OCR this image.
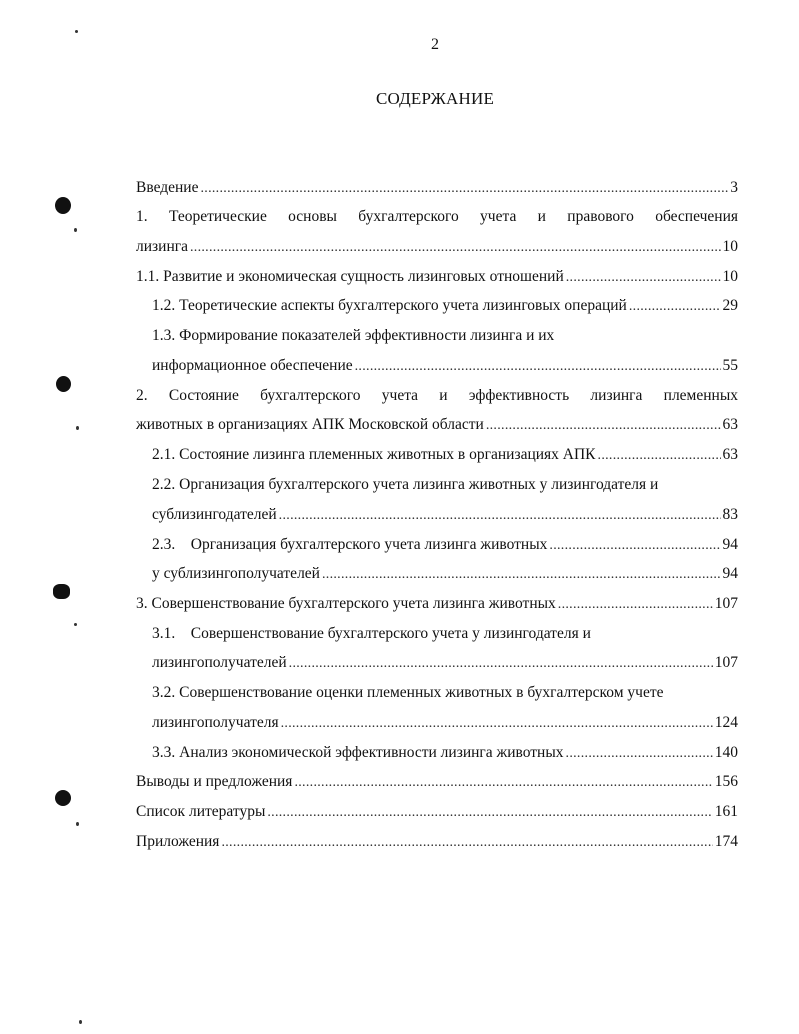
2
СОДЕРЖАНИЕ
Введение . . .	3
1. Теоретические основы бухгалтерского учета и правового обеспечения
лизинга . . .	10
1.1. Развитие и экономическая сущность лизинговых отношений . . .	10
1.2. Теоретические аспекты бухгалтерского учета лизинговых операций . . .	29
1.3. Формирование показателей эффективности лизинга и их
информационное обеспечение . . .	55
2. Состояние бухгалтерского учета и эффективность лизинга племенных
животных в организациях АПК Московской области . . .	63
2.1. Состояние лизинга племенных животных в организациях АПК . . .	63
2.2. Организация бухгалтерского учета лизинга животных у лизингодателя и
сублизингодателей . . .	83
2.3.    Организация бухгалтерского учета лизинга животных . . .	94
у сублизингополучателей . . .	94
3. Совершенствование бухгалтерского учета лизинга животных . . .	107
3.1.    Совершенствование бухгалтерского учета у лизингодателя и
лизингополучателей . . .	107
3.2. Совершенствование оценки племенных животных в бухгалтерском учете
лизингополучателя . . .	124
3.3. Анализ экономической эффективности лизинга животных . . .	140
Выводы и предложения . . .	156
Список литературы . . .	161
Приложения . . .	174
